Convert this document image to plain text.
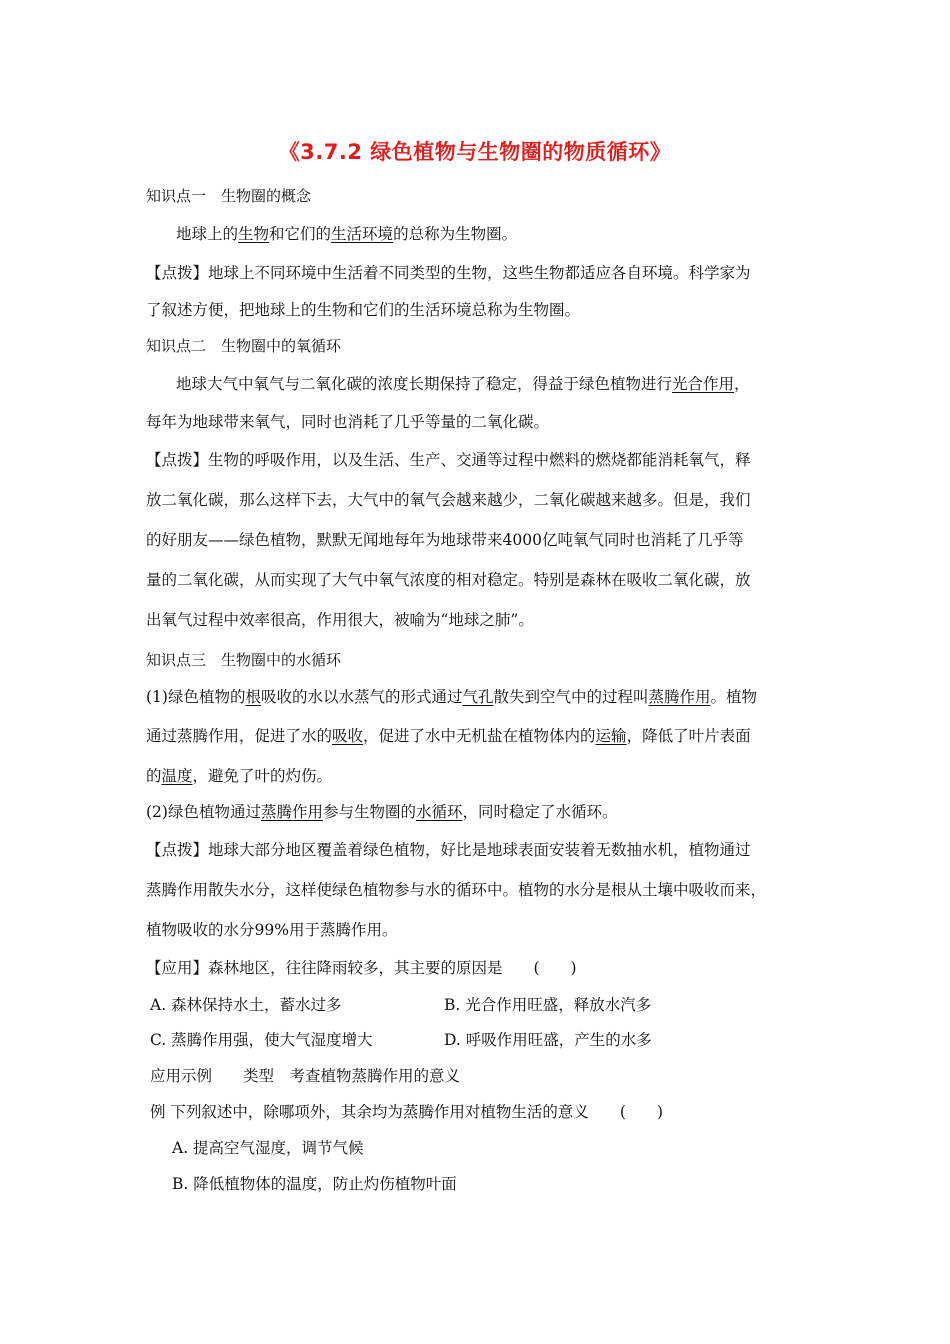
《3.7.2 绿色植物与生物圈的物质循环》
知识点一　生物圈的概念
地球上的生物和它们的生活环境的总称为生物圈。
【点拨】地球上不同环境中生活着不同类型的生物，这些生物都适应各自环境。科学家为
了叙述方便，把地球上的生物和它们的生活环境总称为生物圈。
知识点二　生物圈中的氧循环
地球大气中氧气与二氧化碳的浓度长期保持了稳定，得益于绿色植物进行光合作用，
每年为地球带来氧气，同时也消耗了几乎等量的二氧化碳。
【点拨】生物的呼吸作用，以及生活、生产、交通等过程中燃料的燃烧都能消耗氧气，释
放二氧化碳，那么这样下去，大气中的氧气会越来越少，二氧化碳越来越多。但是，我们
的好朋友——绿色植物，默默无闻地每年为地球带来4000亿吨氧气同时也消耗了几乎等
量的二氧化碳，从而实现了大气中氧气浓度的相对稳定。特别是森林在吸收二氧化碳，放
出氧气过程中效率很高，作用很大，被喻为“地球之肺”。
知识点三　生物圈中的水循环
(1)绿色植物的根吸收的水以水蒸气的形式通过气孔散失到空气中的过程叫蒸腾作用。植物
通过蒸腾作用，促进了水的吸收，促进了水中无机盐在植物体内的运输，降低了叶片表面
的温度，避免了叶的灼伤。
(2)绿色植物通过蒸腾作用参与生物圈的水循环，同时稳定了水循环。
【点拨】地球大部分地区覆盖着绿色植物，好比是地球表面安装着无数抽水机，植物通过
蒸腾作用散失水分，这样使绿色植物参与水的循环中。植物的水分是根从土壤中吸收而来，
植物吸收的水分99%用于蒸腾作用。
【应用】森林地区，往往降雨较多，其主要的原因是　　(　　)
A. 森林保持水土，蓄水过多	B. 光合作用旺盛，释放水汽多
C. 蒸腾作用强，使大气湿度增大	D. 呼吸作用旺盛，产生的水多
应用示例　　类型　考查植物蒸腾作用的意义
例 下列叙述中，除哪项外，其余均为蒸腾作用对植物生活的意义　　(　　)
A. 提高空气湿度，调节气候
B. 降低植物体的温度，防止灼伤植物叶面
